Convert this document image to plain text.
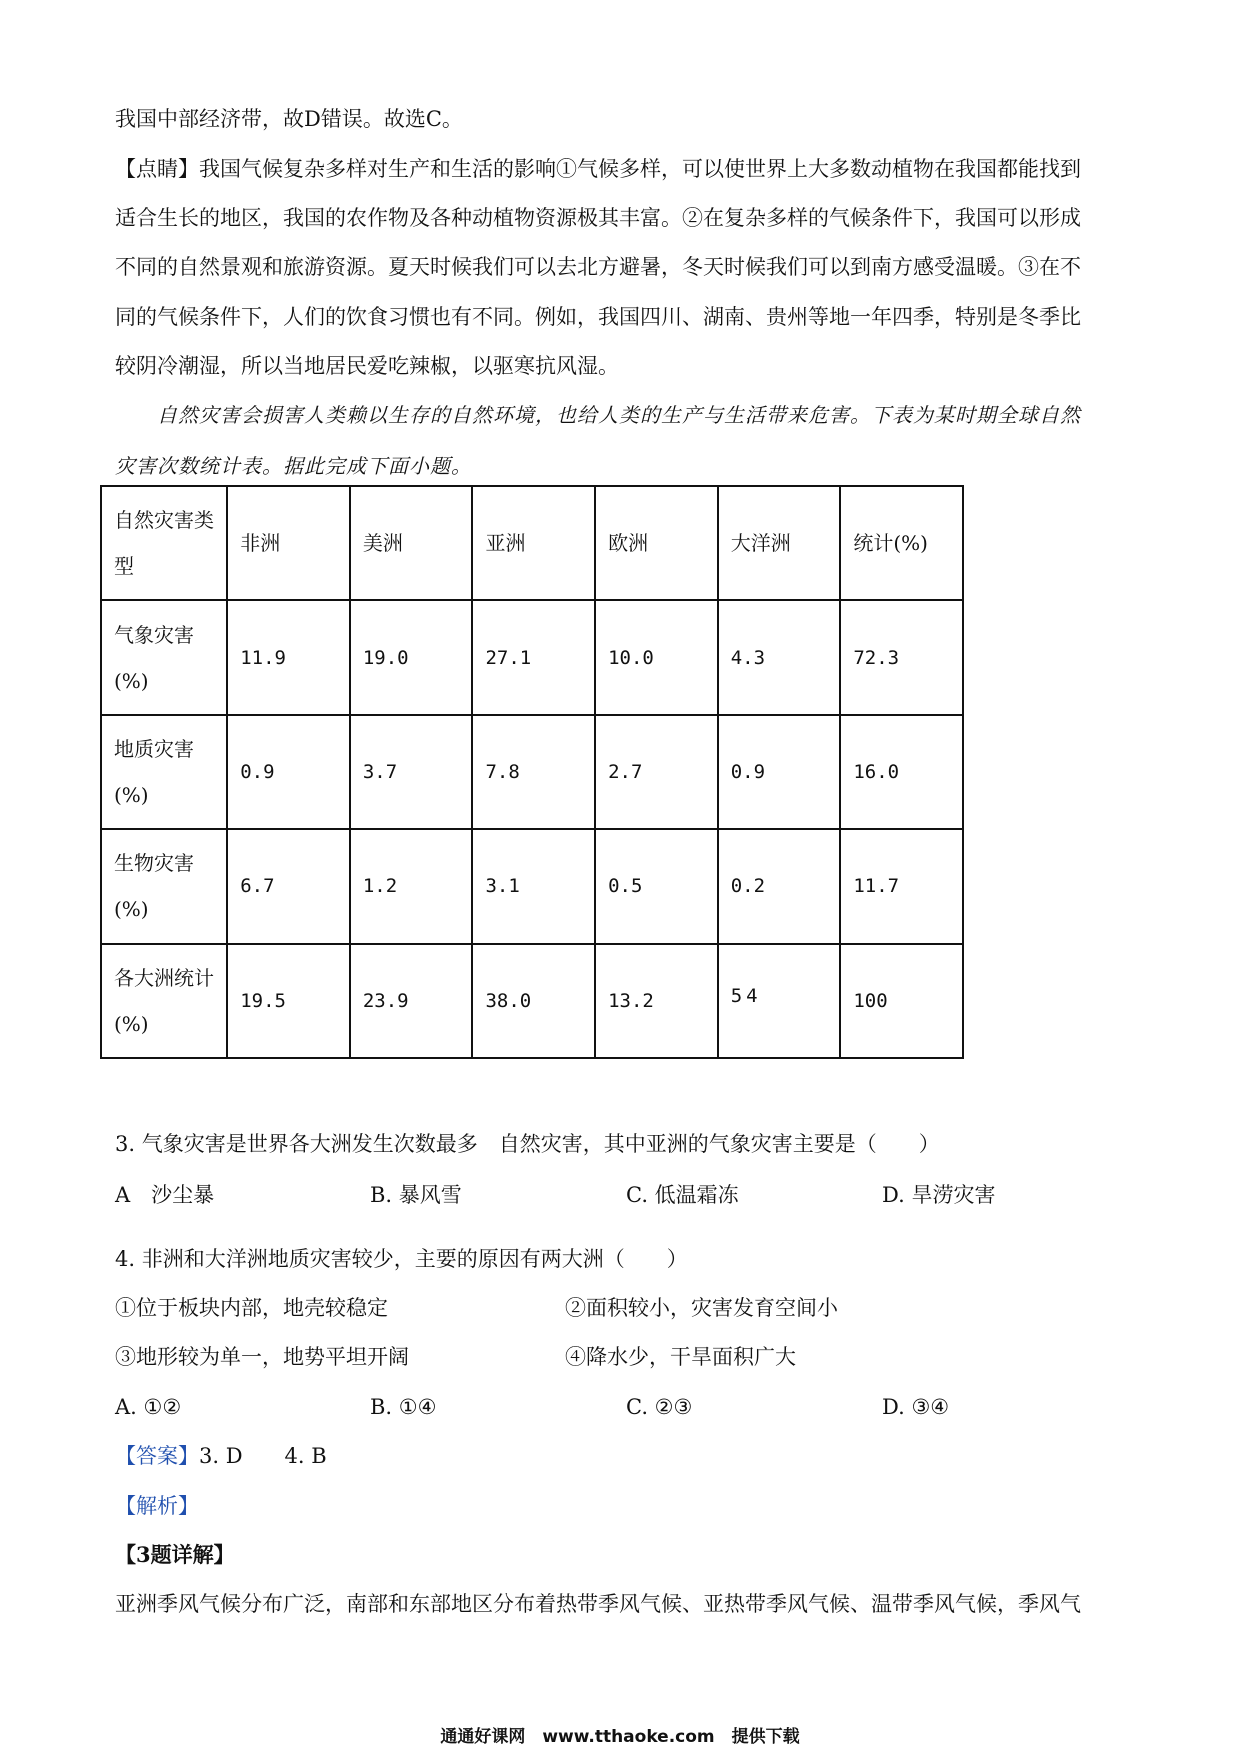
我国中部经济带，故D错误。故选C。
【点睛】我国气候复杂多样对生产和生活的影响①气候多样，可以使世界上大多数动植物在我国都能找到
适合生长的地区，我国的农作物及各种动植物资源极其丰富。②在复杂多样的气候条件下，我国可以形成
不同的自然景观和旅游资源。夏天时候我们可以去北方避暑，冬天时候我们可以到南方感受温暖。③在不
同的气候条件下，人们的饮食习惯也有不同。例如，我国四川、湖南、贵州等地一年四季，特别是冬季比
较阴冷潮湿，所以当地居民爱吃辣椒，以驱寒抗风湿。
自然灾害会损害人类赖以生存的自然环境，也给人类的生产与生活带来危害。下表为某时期全球自然
灾害次数统计表。据此完成下面小题。
自然灾害类型	非洲	美洲	亚洲	欧洲	大洋洲	统计(%)
气象灾害(%)	11.9	19.0	27.1	10.0	4.3	72.3
地质灾害(%)	0.9	3.7	7.8	2.7	0.9	16.0
生物灾害(%)	6.7	1.2	3.1	0.5	0.2	11.7
各大洲统计(%)	19.5	23.9	38.0	13.2	54	100
3. 气象灾害是世界各大洲发生次数最多　自然灾害，其中亚洲的气象灾害主要是（　　）
A　沙尘暴	B. 暴风雪	C. 低温霜冻	D. 旱涝灾害
4. 非洲和大洋洲地质灾害较少，主要的原因有两大洲（　　）
①位于板块内部，地壳较稳定	②面积较小，灾害发育空间小
③地形较为单一，地势平坦开阔	④降水少，干旱面积广大
A. ①②	B. ①④	C. ②③	D. ③④
【答案】3. D　　4. B
【解析】
【3题详解】
亚洲季风气候分布广泛，南部和东部地区分布着热带季风气候、亚热带季风气候、温带季风气候，季风气
通通好课网　www.tthaoke.com　提供下载
